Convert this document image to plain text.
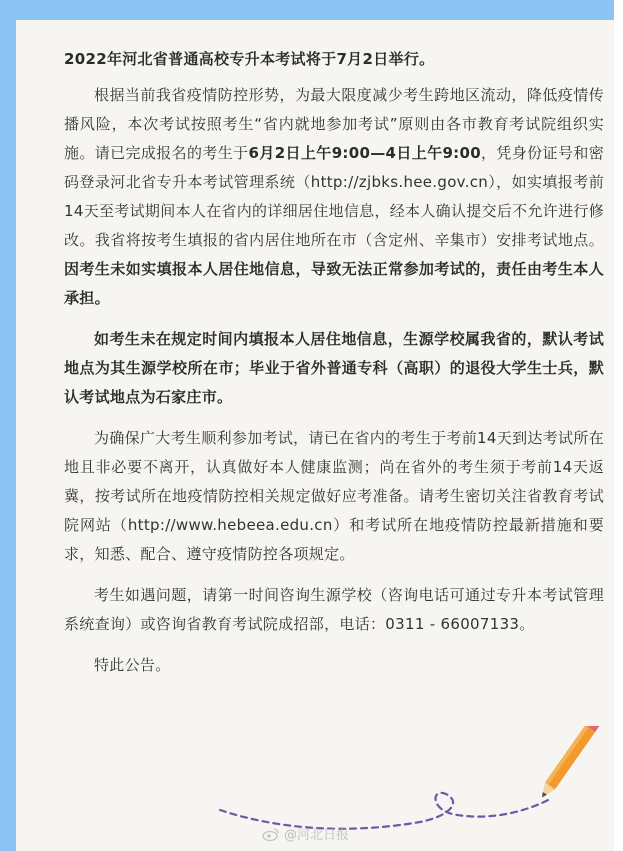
2022年河北省普通高校专升本考试将于7月2日举行。

根据当前我省疫情防控形势，为最大限度减少考生跨地区流动，降低疫情传播风险，本次考试按照考生“省内就地参加考试”原则由各市教育考试院组织实施。请已完成报名的考生于6月2日上午9:00—4日上午9:00，凭身份证号和密码登录河北省专升本考试管理系统（http://zjbks.hee.gov.cn），如实填报考前14天至考试期间本人在省内的详细居住地信息，经本人确认提交后不允许进行修改。我省将按考生填报的省内居住地所在市（含定州、辛集市）安排考试地点。因考生未如实填报本人居住地信息，导致无法正常参加考试的，责任由考生本人承担。

如考生未在规定时间内填报本人居住地信息，生源学校属我省的，默认考试地点为其生源学校所在市；毕业于省外普通专科（高职）的退役大学生士兵，默认考试地点为石家庄市。

为确保广大考生顺利参加考试，请已在省内的考生于考前14天到达考试所在地且非必要不离开，认真做好本人健康监测；尚在省外的考生须于考前14天返冀，按考试所在地疫情防控相关规定做好应考准备。请考生密切关注省教育考试院网站（http://www.hebeea.edu.cn）和考试所在地疫情防控最新措施和要求，知悉、配合、遵守疫情防控各项规定。

考生如遇问题，请第一时间咨询生源学校（咨询电话可通过专升本考试管理系统查询）或咨询省教育考试院成招部，电话：0311 - 66007133。

特此公告。

@河北日报
